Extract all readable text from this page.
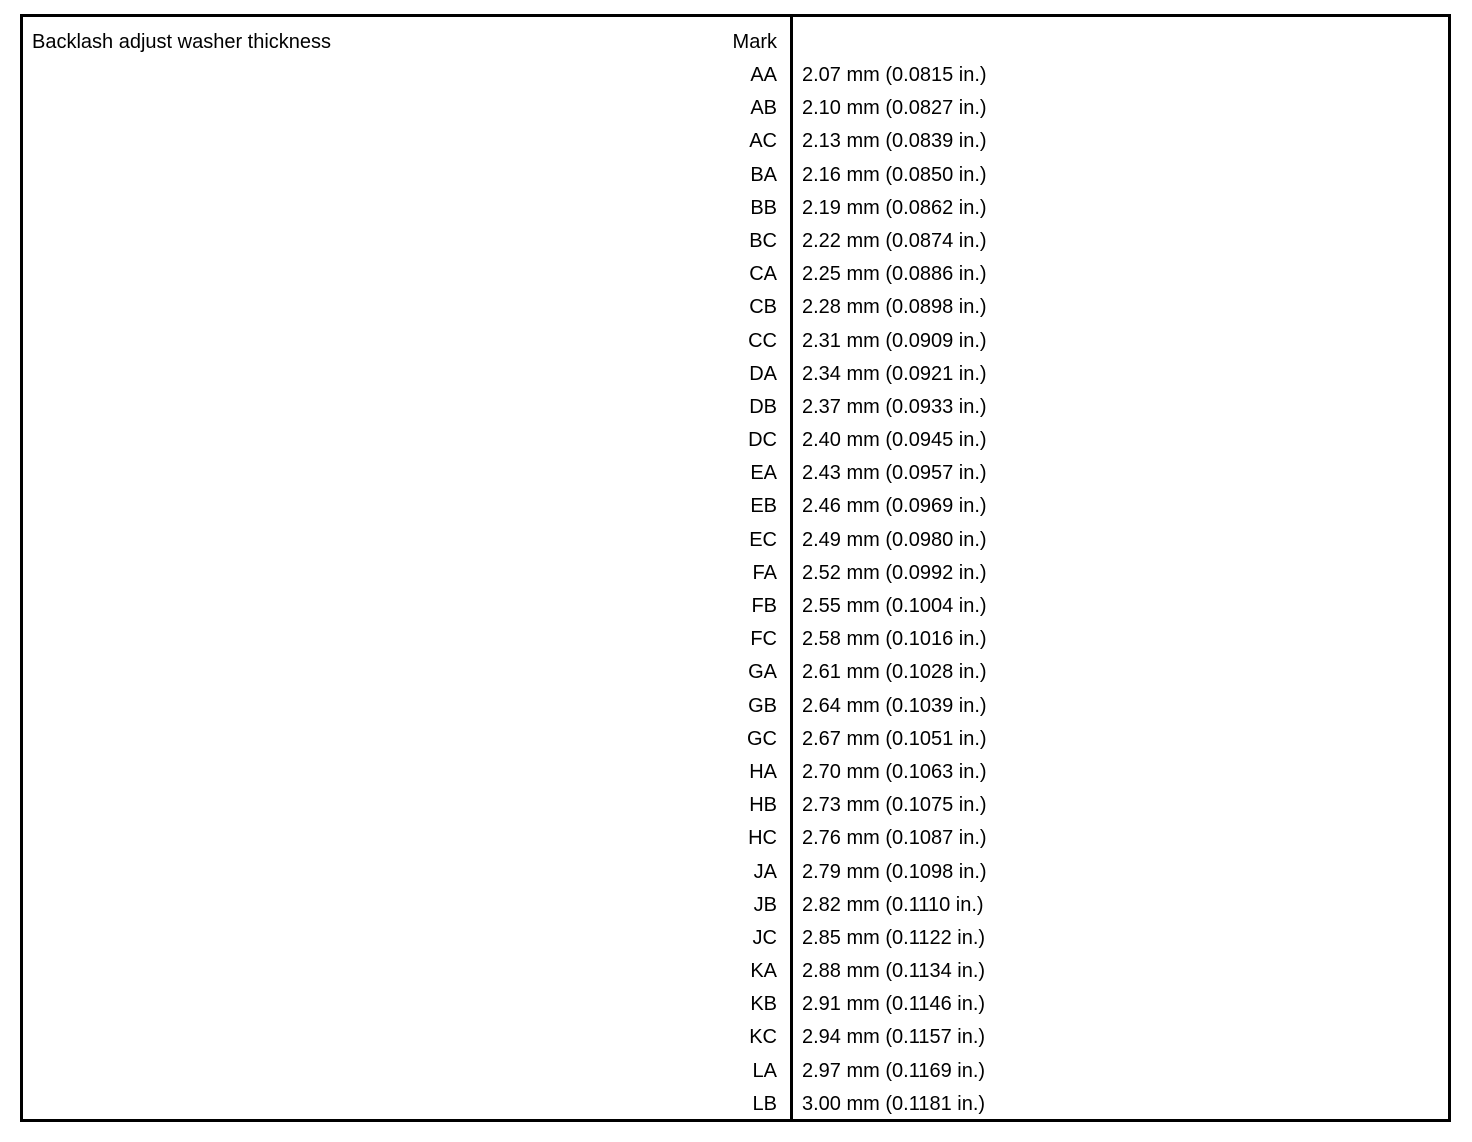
Backlash adjust washer thickness	Mark
AA 2.07 mm (0.0815 in.)
AB 2.10 mm (0.0827 in.)
AC 2.13 mm (0.0839 in.)
BA 2.16 mm (0.0850 in.)
BB 2.19 mm (0.0862 in.)
BC 2.22 mm (0.0874 in.)
CA 2.25 mm (0.0886 in.)
CB 2.28 mm (0.0898 in.)
CC 2.31 mm (0.0909 in.)
DA 2.34 mm (0.0921 in.)
DB 2.37 mm (0.0933 in.)
DC 2.40 mm (0.0945 in.)
EA 2.43 mm (0.0957 in.)
EB 2.46 mm (0.0969 in.)
EC 2.49 mm (0.0980 in.)
FA 2.52 mm (0.0992 in.)
FB 2.55 mm (0.1004 in.)
FC 2.58 mm (0.1016 in.)
GA 2.61 mm (0.1028 in.)
GB 2.64 mm (0.1039 in.)
GC 2.67 mm (0.1051 in.)
HA 2.70 mm (0.1063 in.)
HB 2.73 mm (0.1075 in.)
HC 2.76 mm (0.1087 in.)
JA 2.79 mm (0.1098 in.)
JB 2.82 mm (0.1110 in.)
JC 2.85 mm (0.1122 in.)
KA 2.88 mm (0.1134 in.)
KB 2.91 mm (0.1146 in.)
KC 2.94 mm (0.1157 in.)
LA 2.97 mm (0.1169 in.)
LB 3.00 mm (0.1181 in.)
